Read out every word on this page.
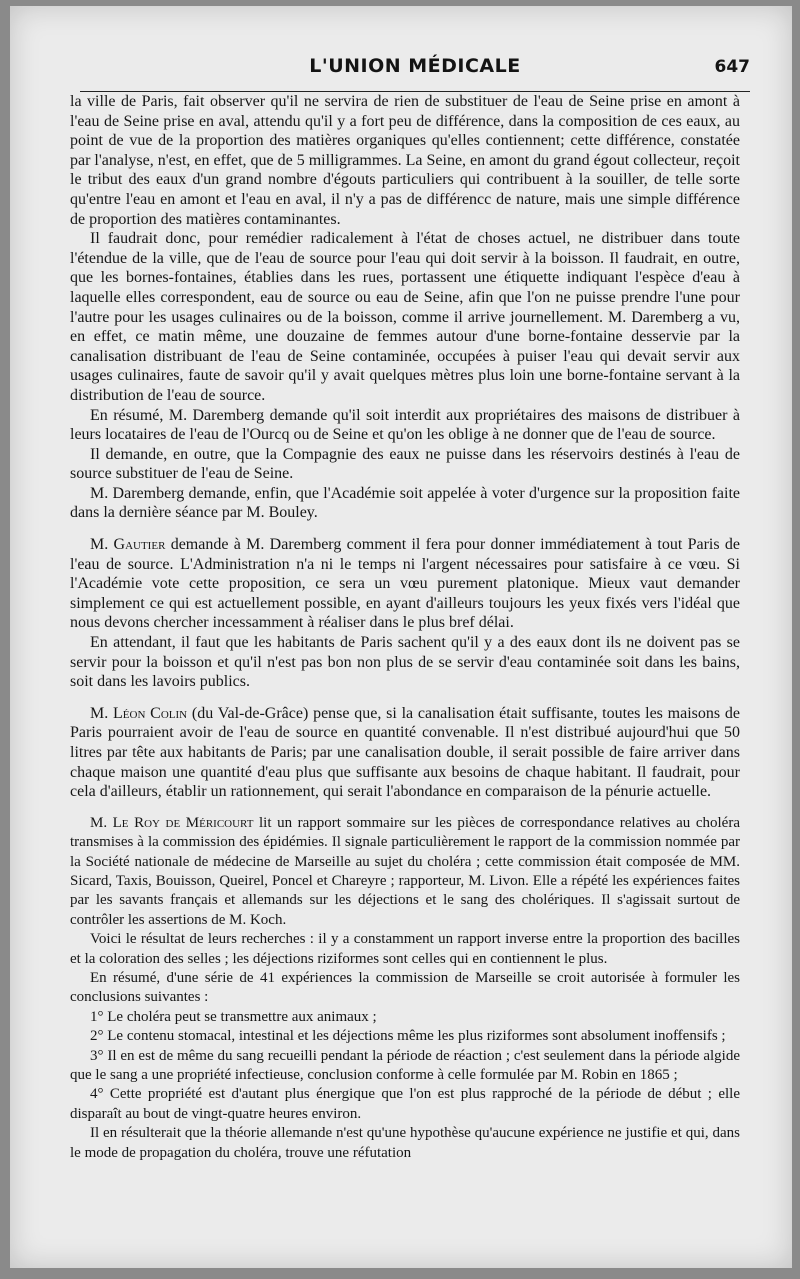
L'UNION MÉDICALE	647

la ville de Paris, fait observer qu'il ne servira de rien de substituer de l'eau de Seine prise en amont à l'eau de Seine prise en aval, attendu qu'il y a fort peu de différence, dans la composition de ces eaux, au point de vue de la proportion des matières organiques qu'elles contiennent; cette différence, constatée par l'analyse, n'est, en effet, que de 5 milligrammes. La Seine, en amont du grand égout collecteur, reçoit le tribut des eaux d'un grand nombre d'égouts particuliers qui contribuent à la souiller, de telle sorte qu'entre l'eau en amont et l'eau en aval, il n'y a pas de différencc de nature, mais une simple différence de proportion des matières contaminantes.

Il faudrait donc, pour remédier radicalement à l'état de choses actuel, ne distribuer dans toute l'étendue de la ville, que de l'eau de source pour l'eau qui doit servir à la boisson. Il faudrait, en outre, que les bornes-fontaines, établies dans les rues, portassent une étiquette indiquant l'espèce d'eau à laquelle elles correspondent, eau de source ou eau de Seine, afin que l'on ne puisse prendre l'une pour l'autre pour les usages culinaires ou de la boisson, comme il arrive journellement. M. Daremberg a vu, en effet, ce matin même, une douzaine de femmes autour d'une borne-fontaine desservie par la canalisation distribuant de l'eau de Seine contaminée, occupées à puiser l'eau qui devait servir aux usages culinaires, faute de savoir qu'il y avait quelques mètres plus loin une borne-fontaine servant à la distribution de l'eau de source.

En résumé, M. Daremberg demande qu'il soit interdit aux propriétaires des maisons de distribuer à leurs locataires de l'eau de l'Ourcq ou de Seine et qu'on les oblige à ne donner que de l'eau de source.

Il demande, en outre, que la Compagnie des eaux ne puisse dans les réservoirs destinés à l'eau de source substituer de l'eau de Seine.

M. Daremberg demande, enfin, que l'Académie soit appelée à voter d'urgence sur la proposition faite dans la dernière séance par M. Bouley.

M. Gautier demande à M. Daremberg comment il fera pour donner immédiatement à tout Paris de l'eau de source. L'Administration n'a ni le temps ni l'argent nécessaires pour satisfaire à ce vœu. Si l'Académie vote cette proposition, ce sera un vœu purement platonique. Mieux vaut demander simplement ce qui est actuellement possible, en ayant d'ailleurs toujours les yeux fixés vers l'idéal que nous devons chercher incessamment à réaliser dans le plus bref délai.

En attendant, il faut que les habitants de Paris sachent qu'il y a des eaux dont ils ne doivent pas se servir pour la boisson et qu'il n'est pas bon non plus de se servir d'eau contaminée soit dans les bains, soit dans les lavoirs publics.

M. Léon Colin (du Val-de-Grâce) pense que, si la canalisation était suffisante, toutes les maisons de Paris pourraient avoir de l'eau de source en quantité convenable. Il n'est distribué aujourd'hui que 50 litres par tête aux habitants de Paris; par une canalisation double, il serait possible de faire arriver dans chaque maison une quantité d'eau plus que suffisante aux besoins de chaque habitant. Il faudrait, pour cela d'ailleurs, établir un rationnement, qui serait l'abondance en comparaison de la pénurie actuelle.

M. Le Roy de Méricourt lit un rapport sommaire sur les pièces de correspondance relatives au choléra transmises à la commission des épidémies. Il signale particulièrement le rapport de la commission nommée par la Société nationale de médecine de Marseille au sujet du choléra ; cette commission était composée de MM. Sicard, Taxis, Bouisson, Queirel, Poncel et Chareyre ; rapporteur, M. Livon. Elle a répété les expériences faites par les savants français et allemands sur les déjections et le sang des cholériques. Il s'agissait surtout de contrôler les assertions de M. Koch.

Voici le résultat de leurs recherches : il y a constamment un rapport inverse entre la proportion des bacilles et la coloration des selles ; les déjections riziformes sont celles qui en contiennent le plus.

En résumé, d'une série de 41 expériences la commission de Marseille se croit autorisée à formuler les conclusions suivantes :

1° Le choléra peut se transmettre aux animaux ;

2° Le contenu stomacal, intestinal et les déjections même les plus riziformes sont absolument inoffensifs ;

3° Il en est de même du sang recueilli pendant la période de réaction ; c'est seulement dans la période algide que le sang a une propriété infectieuse, conclusion conforme à celle formulée par M. Robin en 1865 ;

4° Cette propriété est d'autant plus énergique que l'on est plus rapproché de la période de début ; elle disparaît au bout de vingt-quatre heures environ.

Il en résulterait que la théorie allemande n'est qu'une hypothèse qu'aucune expérience ne justifie et qui, dans le mode de propagation du choléra, trouve une réfutation
